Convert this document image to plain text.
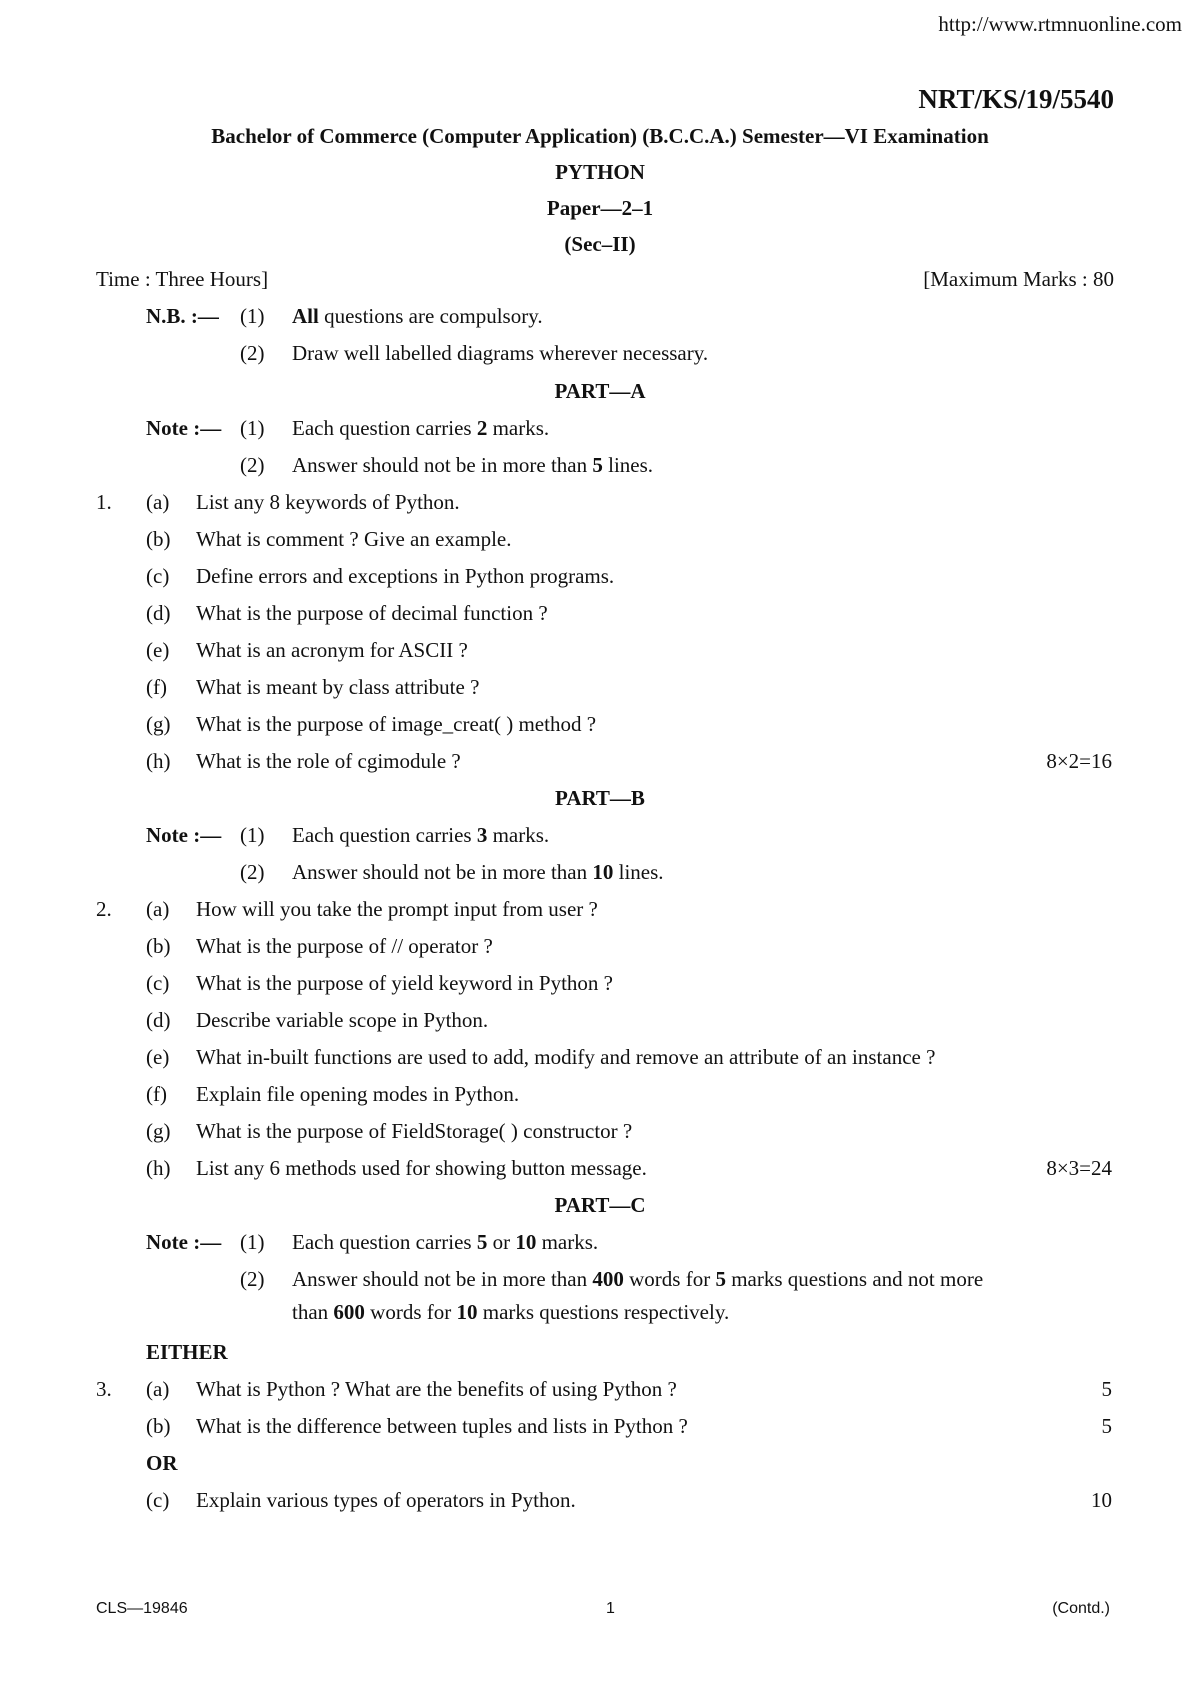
http://www.rtmnuonline.com
NRT/KS/19/5540
Bachelor of Commerce (Computer Application) (B.C.C.A.) Semester—VI Examination
PYTHON
Paper—2–1
(Sec–II)
Time : Three Hours]	[Maximum Marks : 80
N.B. :— (1) All questions are compulsory.
(2) Draw well labelled diagrams wherever necessary.
PART—A
Note :— (1) Each question carries 2 marks.
(2) Answer should not be in more than 5 lines.
1. (a) List any 8 keywords of Python.
(b) What is comment ? Give an example.
(c) Define errors and exceptions in Python programs.
(d) What is the purpose of decimal function ?
(e) What is an acronym for ASCII ?
(f) What is meant by class attribute ?
(g) What is the purpose of image_creat( ) method ?
(h) What is the role of cgimodule ?	8×2=16
PART—B
Note :— (1) Each question carries 3 marks.
(2) Answer should not be in more than 10 lines.
2. (a) How will you take the prompt input from user ?
(b) What is the purpose of // operator ?
(c) What is the purpose of yield keyword in Python ?
(d) Describe variable scope in Python.
(e) What in-built functions are used to add, modify and remove an attribute of an instance ?
(f) Explain file opening modes in Python.
(g) What is the purpose of FieldStorage( ) constructor ?
(h) List any 6 methods used for showing button message.	8×3=24
PART—C
Note :— (1) Each question carries 5 or 10 marks.
(2) Answer should not be in more than 400 words for 5 marks questions and not more
than 600 words for 10 marks questions respectively.
EITHER
3. (a) What is Python ? What are the benefits of using Python ?	5
(b) What is the difference between tuples and lists in Python ?	5
OR
(c) Explain various types of operators in Python.	10
CLS—19846	1	(Contd.)
